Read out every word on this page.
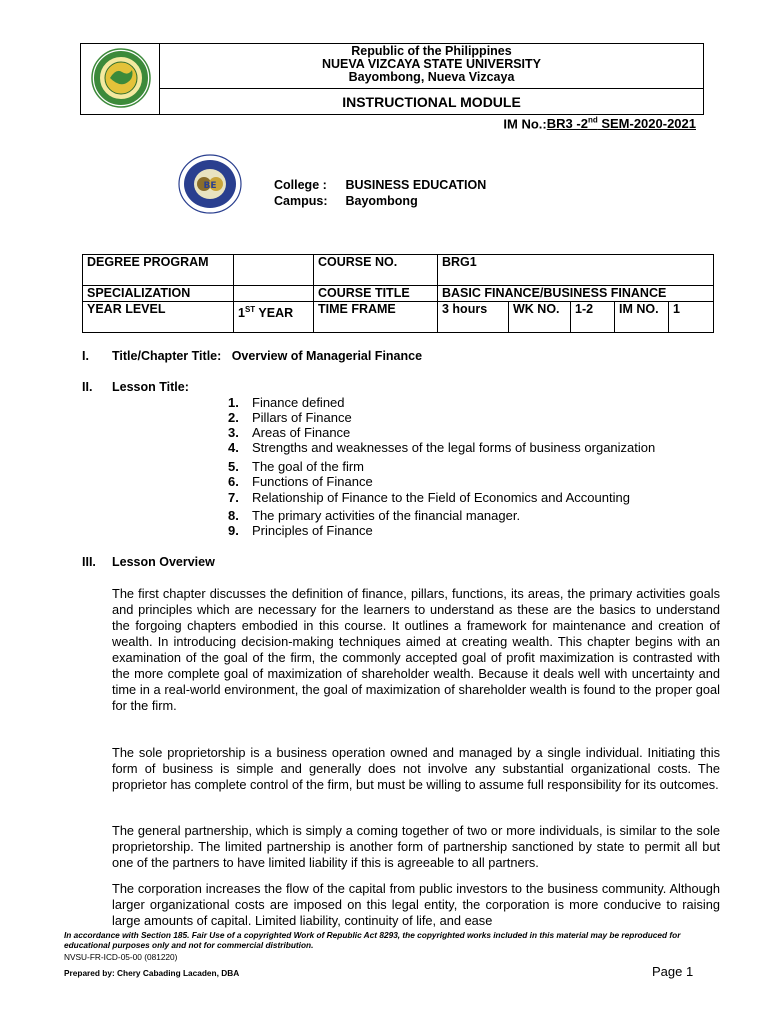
Republic of the Philippines
NUEVA VIZCAYA STATE UNIVERSITY
Bayombong, Nueva Vizcaya
INSTRUCTIONAL MODULE
IM No.:BR3 -2nd SEM-2020-2021
BE	College : BUSINESS EDUCATION
Campus: Bayombong
DEGREE PROGRAM		COURSE NO.	BRG1				
SPECIALIZATION		COURSE TITLE	BASIC FINANCE/BUSINESS FINANCE				
YEAR LEVEL	1ST YEAR	TIME FRAME	3 hours	WK NO.	1-2	IM NO.	1
I. Title/Chapter Title: Overview of Managerial Finance
II. Lesson Title:
1. Finance defined
2. Pillars of Finance
3. Areas of Finance
4. Strengths and weaknesses of the legal forms of business organization
5. The goal of the firm
6. Functions of Finance
7. Relationship of Finance to the Field of Economics and Accounting
8. The primary activities of the financial manager.
9. Principles of Finance
III. Lesson Overview
The first chapter discusses the definition of finance, pillars, functions, its areas, the primary activities goals and principles which are necessary for the learners to understand as these are the basics to understand the forgoing chapters embodied in this course. It outlines a framework for maintenance and creation of wealth. In introducing decision-making techniques aimed at creating wealth. This chapter begins with an examination of the goal of the firm, the commonly accepted goal of profit maximization is contrasted with the more complete goal of maximization of shareholder wealth. Because it deals well with uncertainty and time in a real-world environment, the goal of maximization of shareholder wealth is found to the proper goal for the firm.
The sole proprietorship is a business operation owned and managed by a single individual. Initiating this form of business is simple and generally does not involve any substantial organizational costs. The proprietor has complete control of the firm, but must be willing to assume full responsibility for its outcomes.
The general partnership, which is simply a coming together of two or more individuals, is similar to the sole proprietorship. The limited partnership is another form of partnership sanctioned by state to permit all but one of the partners to have limited liability if this is agreeable to all partners.
The corporation increases the flow of the capital from public investors to the business community. Although larger organizational costs are imposed on this legal entity, the corporation is more conducive to raising large amounts of capital. Limited liability, continuity of life, and ease
In accordance with Section 185. Fair Use of a copyrighted Work of Republic Act 8293, the copyrighted works included in this material may be reproduced for educational purposes only and not for commercial distribution.
NVSU-FR-ICD-05-00 (081220)
Prepared by: Chery Cabading Lacaden, DBA	Page 1
